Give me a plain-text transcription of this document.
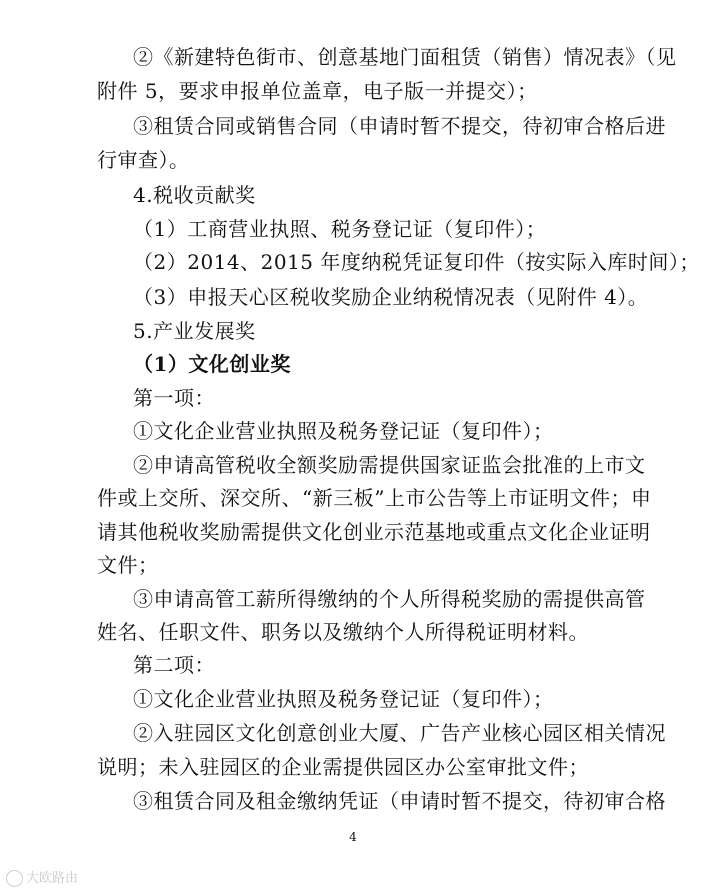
②《新建特色街市、创意基地门面租赁（销售）情况表》（见
附件 5，要求申报单位盖章，电子版一并提交）；
③租赁合同或销售合同（申请时暂不提交，待初审合格后进
行审查）。
4.税收贡献奖
（1）工商营业执照、税务登记证（复印件）；
（2）2014、2015 年度纳税凭证复印件（按实际入库时间）；
（3）申报天心区税收奖励企业纳税情况表（见附件 4）。
5.产业发展奖
（1）文化创业奖
第一项：
①文化企业营业执照及税务登记证（复印件）；
②申请高管税收全额奖励需提供国家证监会批准的上市文
件或上交所、深交所、“新三板”上市公告等上市证明文件；申
请其他税收奖励需提供文化创业示范基地或重点文化企业证明
文件；
③申请高管工薪所得缴纳的个人所得税奖励的需提供高管
姓名、任职文件、职务以及缴纳个人所得税证明材料。
第二项：
①文化企业营业执照及税务登记证（复印件）；
②入驻园区文化创意创业大厦、广告产业核心园区相关情况
说明；未入驻园区的企业需提供园区办公室审批文件；
③租赁合同及租金缴纳凭证（申请时暂不提交，待初审合格
4
大欧路由
